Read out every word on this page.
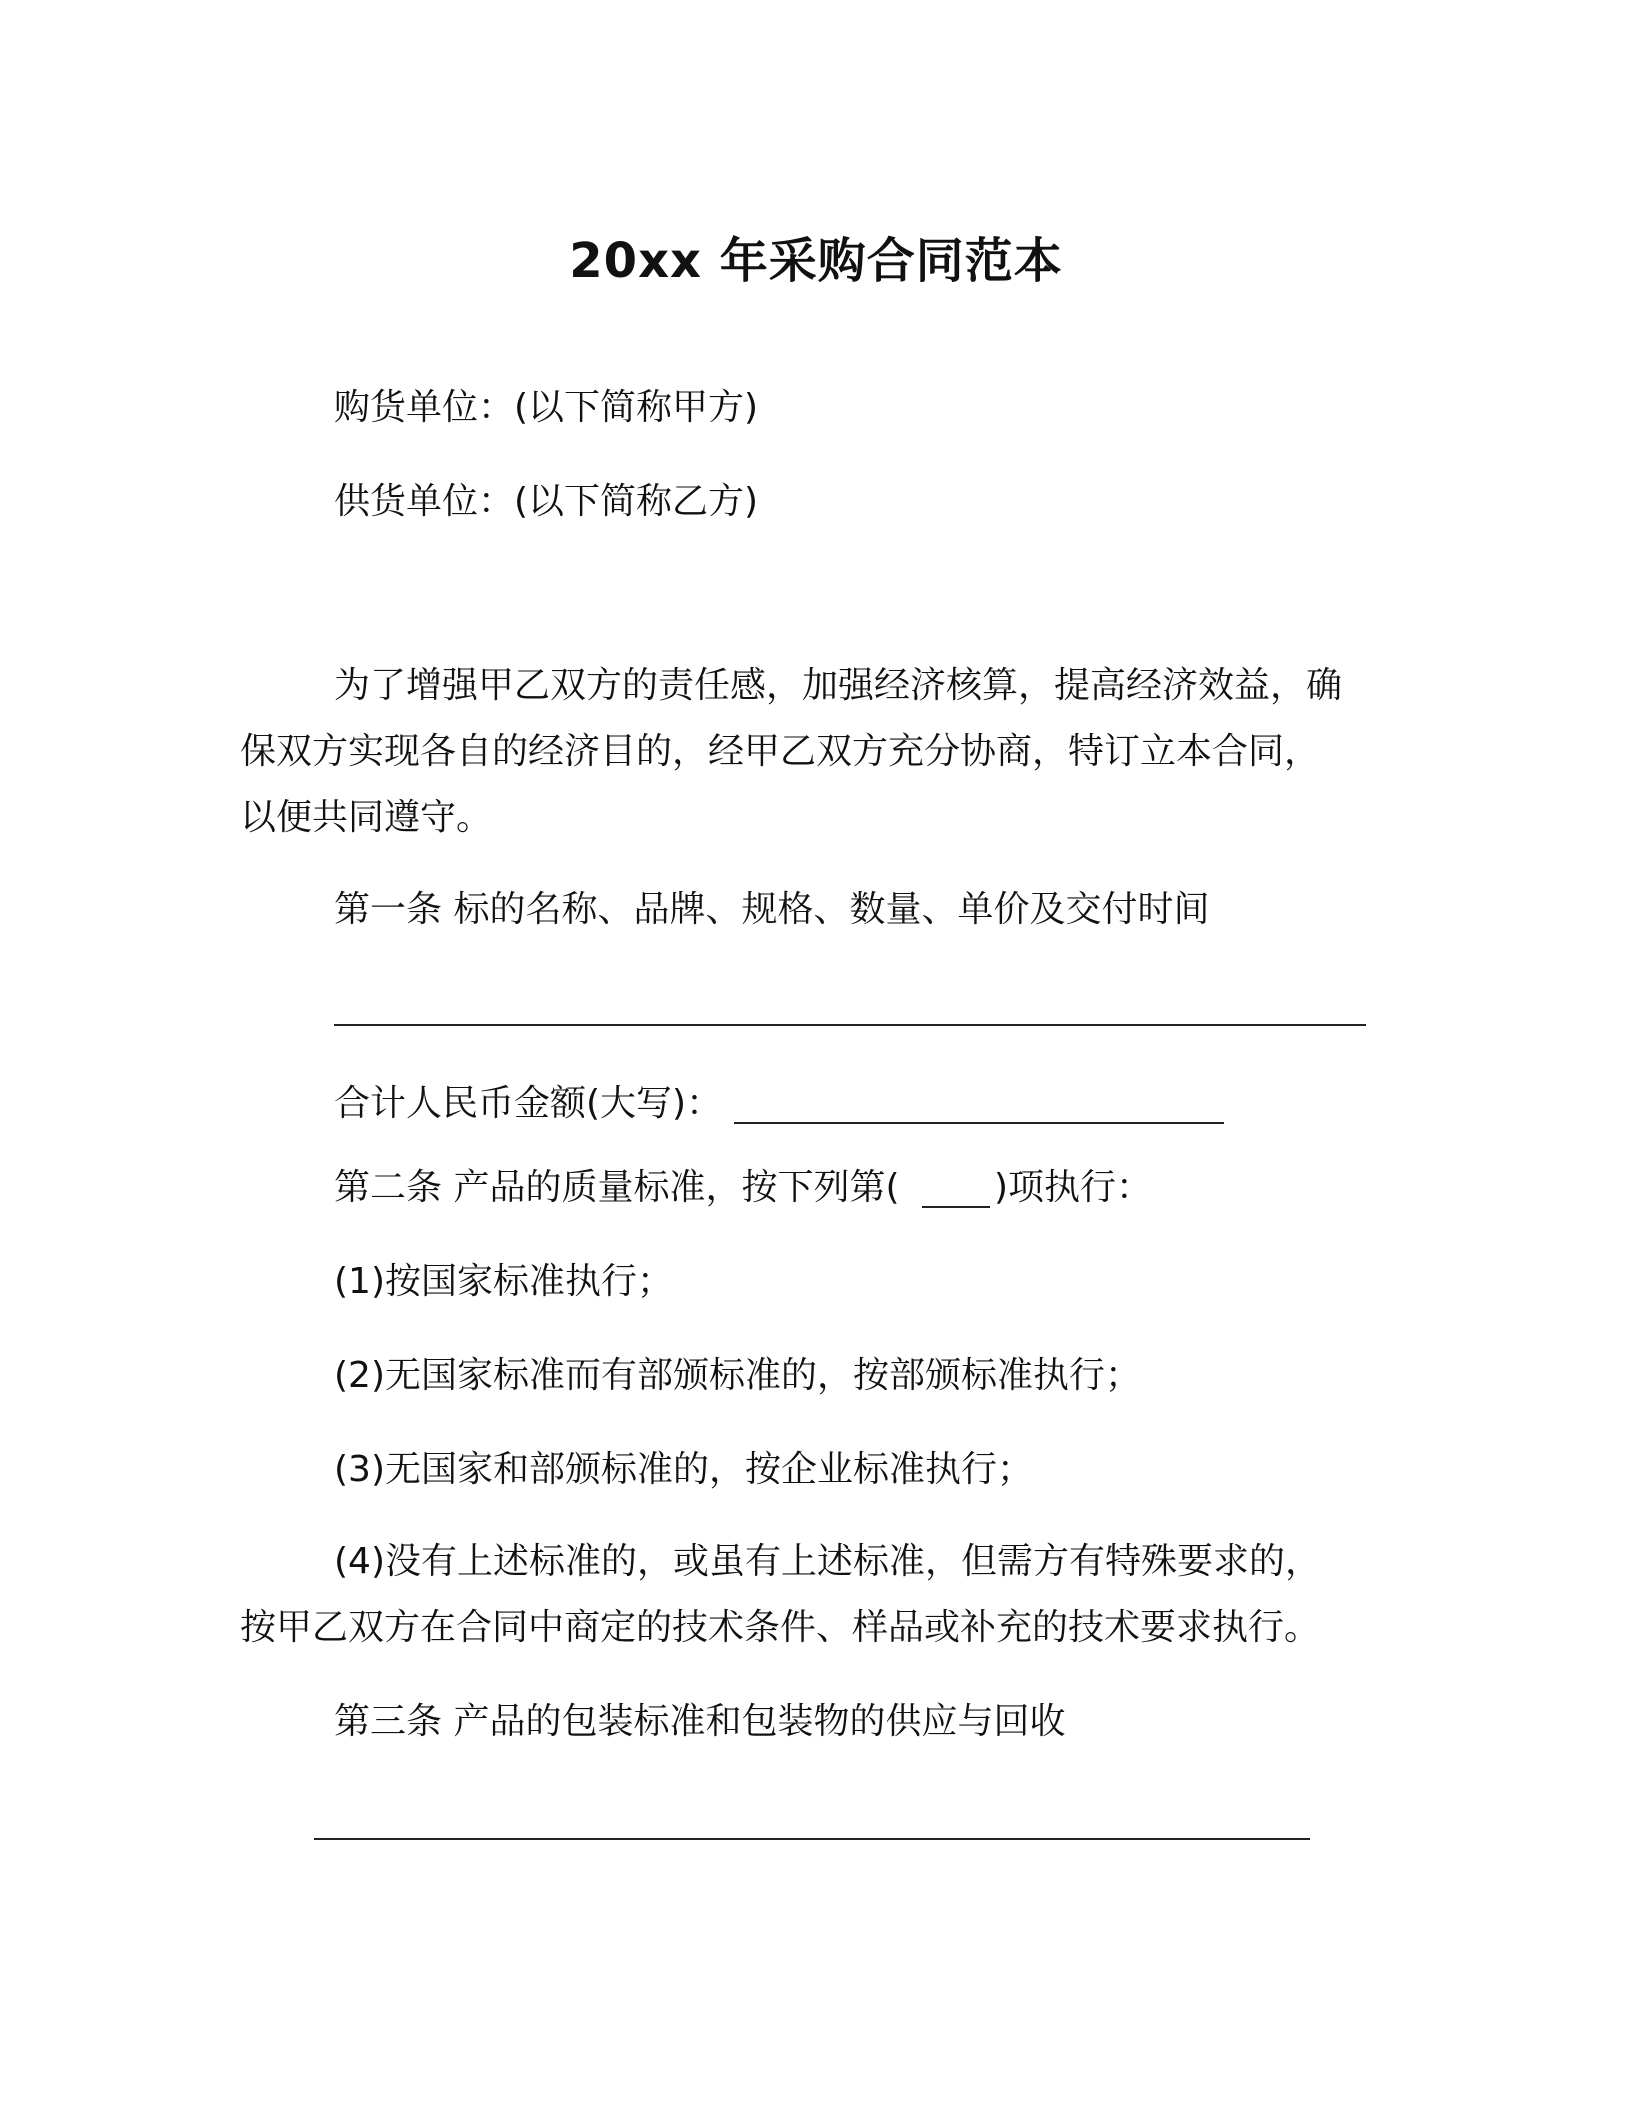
20xx 年采购合同范本
购货单位：(以下简称甲方)
供货单位：(以下简称乙方)
为了增强甲乙双方的责任感，加强经济核算，提高经济效益，确
保双方实现各自的经济目的，经甲乙双方充分协商，特订立本合同，
以便共同遵守。
第一条 标的名称、品牌、规格、数量、单价及交付时间
合计人民币金额(大写)：
第二条 产品的质量标准，按下列第(	)项执行：
(1)按国家标准执行；
(2)无国家标准而有部颁标准的，按部颁标准执行；
(3)无国家和部颁标准的，按企业标准执行；
(4)没有上述标准的，或虽有上述标准，但需方有特殊要求的，
按甲乙双方在合同中商定的技术条件、样品或补充的技术要求执行。
第三条 产品的包装标准和包装物的供应与回收
